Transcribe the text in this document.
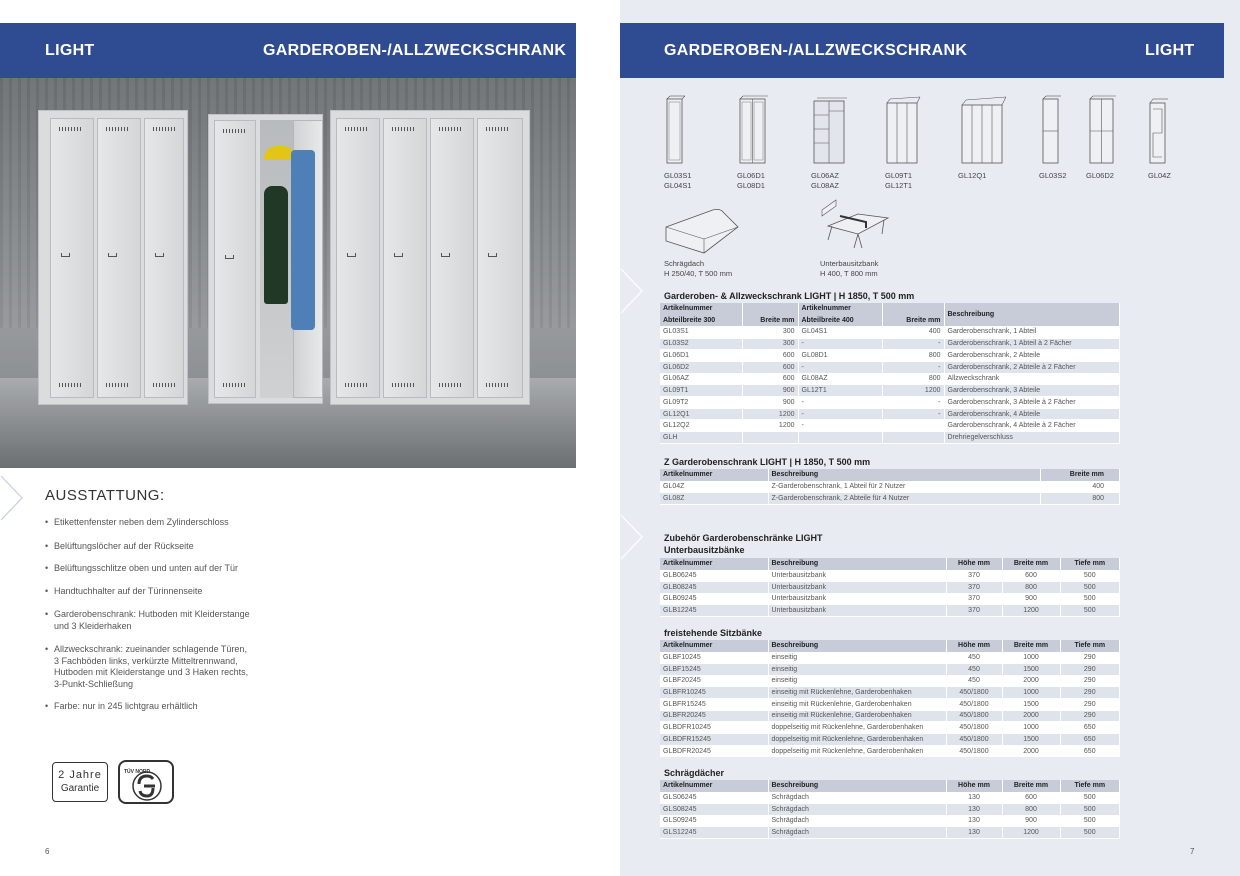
LIGHT	GARDEROBEN-/ALLZWECKSCHRANK
AUSSTATTUNG:
• Etikettenfenster neben dem Zylinderschloss
• Belüftungslöcher auf der Rückseite
• Belüftungsschlitze oben und unten auf der Tür
• Handtuchhalter auf der Türinnenseite
• Garderobenschrank: Hutboden mit Kleiderstange
und 3 Kleiderhaken
• Allzweckschrank: zueinander schlagende Türen,
3 Fachböden links, verkürzte Mitteltrennwand,
Hutboden mit Kleiderstange und 3 Haken rechts,
3-Punkt-Schließung
• Farbe: nur in 245 lichtgrau erhältlich
2 Jahre
Garantie
TÜV NORD
6
GARDEROBEN-/ALLZWECKSCHRANK	LIGHT
GL03S1
GL04S1
GL06D1
GL08D1
GL06AZ
GL08AZ
GL09T1
GL12T1
GL12Q1	GL03S2	GL06D2	GL04Z
Schrägdach
H 250/40, T 500 mm
Unterbausitzbank
H 400, T 800 mm
Garderoben- & Allzweckschrank LIGHT | H 1850, T 500 mm
Artikelnummer		Artikelnummer		Beschreibung
Abteilbreite 300	Breite mm	Abteilbreite 400	Breite mm	
GL03S1	300	GL04S1	400	Garderobenschrank, 1 Abteil
GL03S2	300	-	-	Garderobenschrank, 1 Abteil à 2 Fächer
GL06D1	600	GL08D1	800	Garderobenschrank, 2 Abteile
GL06D2	600	-	-	Garderobenschrank, 2 Abteile à 2 Fächer
GL06AZ	600	GL08AZ	800	Allzweckschrank
GL09T1	900	GL12T1	1200	Garderobenschrank, 3 Abteile
GL09T2	900	-	-	Garderobenschrank, 3 Abteile à 2 Fächer
GL12Q1	1200	-	-	Garderobenschrank, 4 Abteile
GL12Q2	1200	-		Garderobenschrank, 4 Abteile à 2 Fächer
GLH				Drehriegelverschluss
Z Garderobenschrank LIGHT | H 1850, T 500 mm
Artikelnummer	Beschreibung	Breite mm
GL04Z	Z-Garderobenschrank, 1 Abteil für 2 Nutzer	400
GL08Z	Z-Garderobenschrank, 2 Abteile für 4 Nutzer	800
Zubehör Garderobenschränke LIGHT
Unterbausitzbänke
Artikelnummer	Beschreibung	Höhe mm	Breite mm	Tiefe mm
GLB06245	Unterbausitzbank	370	600	500
GLB08245	Unterbausitzbank	370	800	500
GLB09245	Unterbausitzbank	370	900	500
GLB12245	Unterbausitzbank	370	1200	500
freistehende Sitzbänke
Artikelnummer	Beschreibung	Höhe mm	Breite mm	Tiefe mm
GLBF10245	einseitig	450	1000	290
GLBF15245	einseitig	450	1500	290
GLBF20245	einseitig	450	2000	290
GLBFR10245	einseitig mit Rückenlehne, Garderobenhaken	450/1800	1000	290
GLBFR15245	einseitig mit Rückenlehne, Garderobenhaken	450/1800	1500	290
GLBFR20245	einseitig mit Rückenlehne, Garderobenhaken	450/1800	2000	290
GLBDFR10245	doppelseitig mit Rückenlehne, Garderobenhaken	450/1800	1000	650
GLBDFR15245	doppelseitig mit Rückenlehne, Garderobenhaken	450/1800	1500	650
GLBDFR20245	doppelseitig mit Rückenlehne, Garderobenhaken	450/1800	2000	650
Schrägdächer
Artikelnummer	Beschreibung	Höhe mm	Breite mm	Tiefe mm
GLS06245	Schrägdach	130	600	500
GLS08245	Schrägdach	130	800	500
GLS09245	Schrägdach	130	900	500
GLS12245	Schrägdach	130	1200	500
7
